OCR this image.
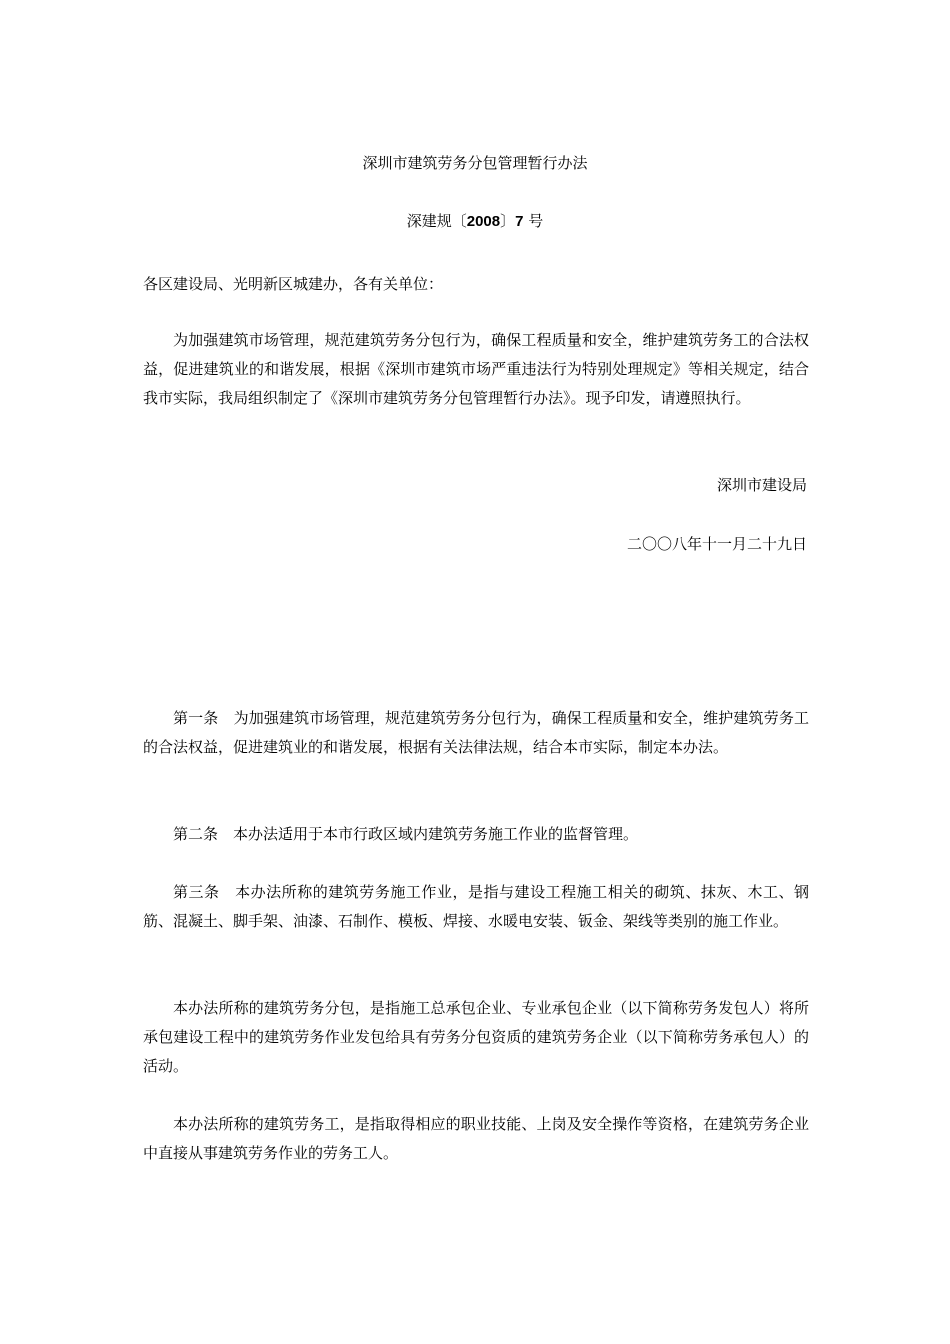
深圳市建筑劳务分包管理暂行办法
深建规〔2008〕7 号

各区建设局、光明新区城建办，各有关单位：

为加强建筑市场管理，规范建筑劳务分包行为，确保工程质量和安全，维护建筑劳务工的合法权益，促进建筑业的和谐发展，根据《深圳市建筑市场严重违法行为特别处理规定》等相关规定，结合我市实际，我局组织制定了《深圳市建筑劳务分包管理暂行办法》。现予印发，请遵照执行。

深圳市建设局
二〇〇八年十一月二十九日

第一条　为加强建筑市场管理，规范建筑劳务分包行为，确保工程质量和安全，维护建筑劳务工的合法权益，促进建筑业的和谐发展，根据有关法律法规，结合本市实际，制定本办法。

第二条　本办法适用于本市行政区域内建筑劳务施工作业的监督管理。

第三条　本办法所称的建筑劳务施工作业，是指与建设工程施工相关的砌筑、抹灰、木工、钢筋、混凝土、脚手架、油漆、石制作、模板、焊接、水暖电安装、钣金、架线等类别的施工作业。

本办法所称的建筑劳务分包，是指施工总承包企业、专业承包企业（以下简称劳务发包人）将所承包建设工程中的建筑劳务作业发包给具有劳务分包资质的建筑劳务企业（以下简称劳务承包人）的活动。

本办法所称的建筑劳务工，是指取得相应的职业技能、上岗及安全操作等资格，在建筑劳务企业中直接从事建筑劳务作业的劳务工人。
